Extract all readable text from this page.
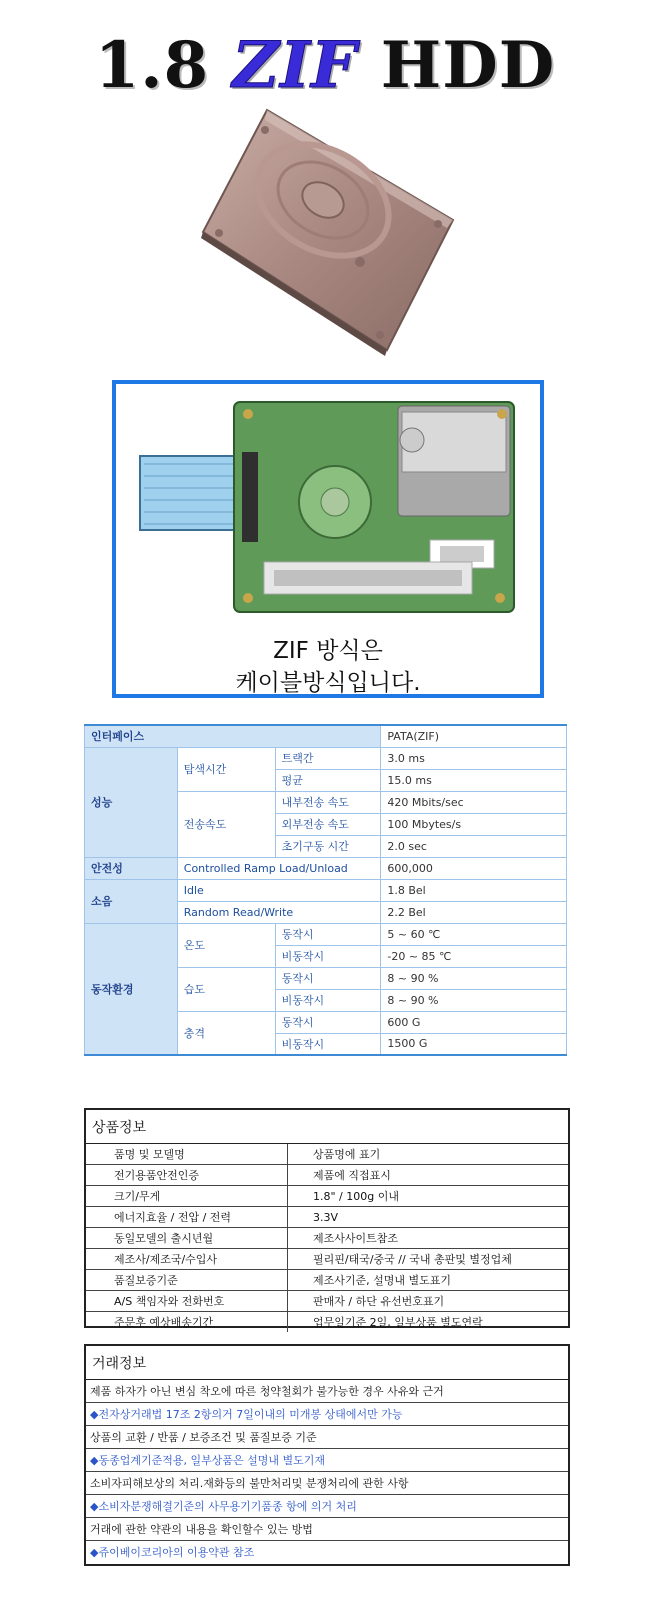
1.8 ZIF HDD
ZIF 방식은
케이블방식입니다.
인터페이스			PATA(ZIF)
성능	탐색시간	트랙간	3.0 ms
		평균	15.0 ms
	전송속도	내부전송 속도	420 Mbits/sec
		외부전송 속도	100 Mbytes/s
		초기구동 시간	2.0 sec
안전성	Controlled Ramp Load/Unload		600,000
소음	Idle		1.8 Bel
	Random Read/Write		2.2 Bel
동작환경	온도	동작시	5 ~ 60 ℃
		비동작시	-20 ~ 85 ℃
	습도	동작시	8 ~ 90 %
		비동작시	8 ~ 90 %
	충격	동작시	600 G
		비동작시	1500 G
상품정보
품명 및 모델명	상품명에 표기
전기용품안전인증	제품에 직접표시
크기/무게	1.8" / 100g 이내
에너지효율 / 전압 / 전력	3.3V
동일모델의 출시년월	제조사사이트참조
제조사/제조국/수입사	필리핀/태국/중국 // 국내 총판및 별정업체
품질보증기준	제조사기준, 설명내 별도표기
A/S 책임자와 전화번호	판매자 / 하단 유선번호표기
주문후 예상배송기간	업무일기준 2일, 일부상품 별도연락
거래정보
제품 하자가 아닌 변심 착오에 따른 청약철회가 불가능한 경우 사유와 근거
◆전자상거래법 17조 2항의거 7일이내의 미개봉 상태에서만 가능
상품의 교환 / 반품 / 보증조건 및 품질보증 기준
◆동종업계기준적용, 일부상품은 설명내 별도기재
소비자피해보상의 처리.재화등의 불만처리및 분쟁처리에 관한 사항
◆소비자분쟁해결기준의 사무용기기품종 항에 의거 처리
거래에 관한 약관의 내용을 확인할수 있는 방법
◆쥬이베이코리아의 이용약관 참조
